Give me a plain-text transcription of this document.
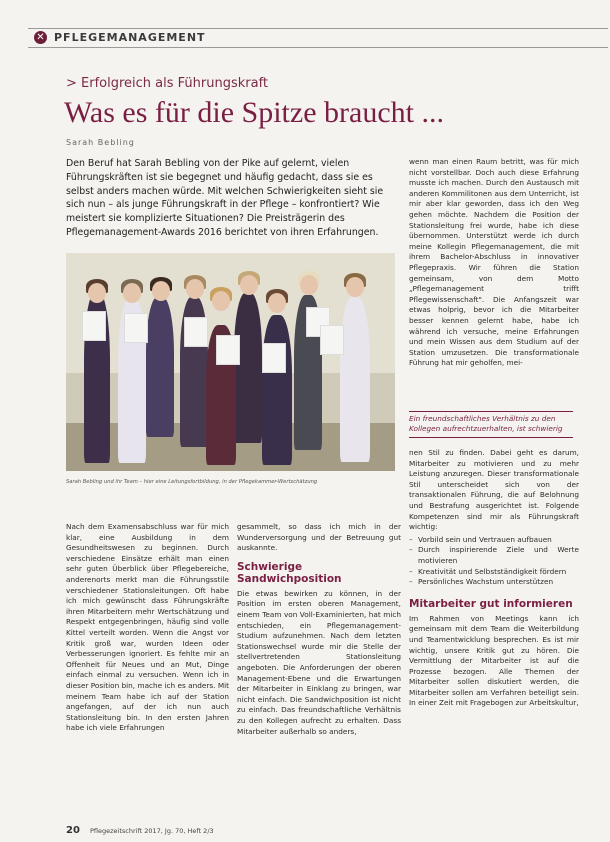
✕ PFLEGEMANAGEMENT
> Erfolgreich als Führungskraft
Was es für die Spitze braucht ...
Sarah Bebling
Den Beruf hat Sarah Bebling von der Pike auf gelernt, vielen Führungskräften ist sie begegnet und häufig gedacht, dass sie es selbst anders machen würde. Mit welchen Schwierigkeiten sieht sie sich nun – als junge Führungskraft in der Pflege – konfrontiert? Wie meistert sie komplizierte Situationen? Die Preisträgerin des Pflegemanagement-Awards 2016 berichtet von ihren Erfahrungen.
Sarah Bebling und ihr Team – hier eine Leitungsfortbildung, in der Pflegekammer-Wertschätzung

Nach dem Examensabschluss war für mich klar, eine Ausbildung in dem Gesundheitswesen zu beginnen. Durch verschiedene Einsätze erhält man einen sehr guten Überblick über Pflegebereiche, anderenorts merkt man die Führungsstile verschiedener Stationsleitungen. Oft habe ich mich gewünscht dass Führungskräfte ihren Mitarbeitern mehr Wertschätzung und Respekt entgegenbringen, häufig sind volle Kittel verteilt worden. Wenn die Angst vor Kritik groß war, wurden Ideen oder Verbesserungen ignoriert. Es fehlte mir an Offenheit für Neues und an Mut, Dinge einfach einmal zu versuchen. Wenn ich in dieser Position bin, mache ich es anders. Mit meinem Team habe ich auf der Station angefangen, auf der ich nun auch Stationsleitung bin. In den ersten Jahren habe ich viele Erfahrungen

gesammelt, so dass ich mich in der Wunderversorgung und der Betreuung gut auskannte.

Schwierige Sandwichposition

Die etwas bewirken zu können, in der Position im ersten oberen Management, einem Team von Voll-Examinierten, hat mich entschieden, ein Pflegemanagement-Studium aufzunehmen. Nach dem letzten Stationswechsel wurde mir die Stelle der stellvertretenden Stationsleitung angeboten. Die Anforderungen der oberen Management-Ebene und die Erwartungen der Mitarbeiter in Einklang zu bringen, war nicht einfach. Die Sandwichposition ist nicht zu einfach. Das freundschaftliche Verhältnis zu den Kollegen aufrecht zu erhalten. Dass Mitarbeiter außerhalb so anders,

wenn man einen Raum betritt, was für mich nicht vorstellbar. Doch auch diese Erfahrung musste ich machen. Durch den Austausch mit anderen Kommilitonen aus dem Unterricht, ist mir aber klar geworden, dass ich den Weg gehen möchte. Nachdem die Position der Stationsleitung frei wurde, habe ich diese übernommen. Unterstützt werde ich durch meine Kollegin Pflegemanagement, die mit ihrem Bachelor-Abschluss in innovativer Pflegepraxis. Wir führen die Station gemeinsam, von dem Motto „Pflegemanagement trifft Pflegewissenschaft". Die Anfangszeit war etwas holprig, bevor ich die Mitarbeiter besser kennen gelernt habe, habe ich während ich versuche, meine Erfahrungen und mein Wissen aus dem Studium auf der Station umzusetzen. Die transformationale Führung hat mir geholfen, mei-

Ein freundschaftliches Verhältnis zu den Kollegen aufrechtzuerhalten, ist schwierig

nen Stil zu finden. Dabei geht es darum, Mitarbeiter zu motivieren und zu mehr Leistung anzuregen. Dieser transformationale Stil unterscheidet sich von der transaktionalen Führung, die auf Belohnung und Bestrafung ausgerichtet ist. Folgende Kompetenzen sind mir als Führungskraft wichtig:

– Vorbild sein und Vertrauen aufbauen
– Durch inspirierende Ziele und Werte motivieren
– Kreativität und Selbstständigkeit fördern
– Persönliches Wachstum unterstützen
Mitarbeiter gut informieren

Im Rahmen von Meetings kann ich gemeinsam mit dem Team die Weiterbildung und Teamentwicklung besprechen. Es ist mir wichtig, unsere Kritik gut zu hören. Die Vermittlung der Mitarbeiter ist auf die Prozesse bezogen. Alle Themen der Mitarbeiter sollen diskutiert werden, die Mitarbeiter sollen am Verfahren beteiligt sein. In einer Zeit mit Fragebogen zur Arbeitskultur,

20 Pflegezeitschrift 2017, Jg. 70, Heft 2/3
